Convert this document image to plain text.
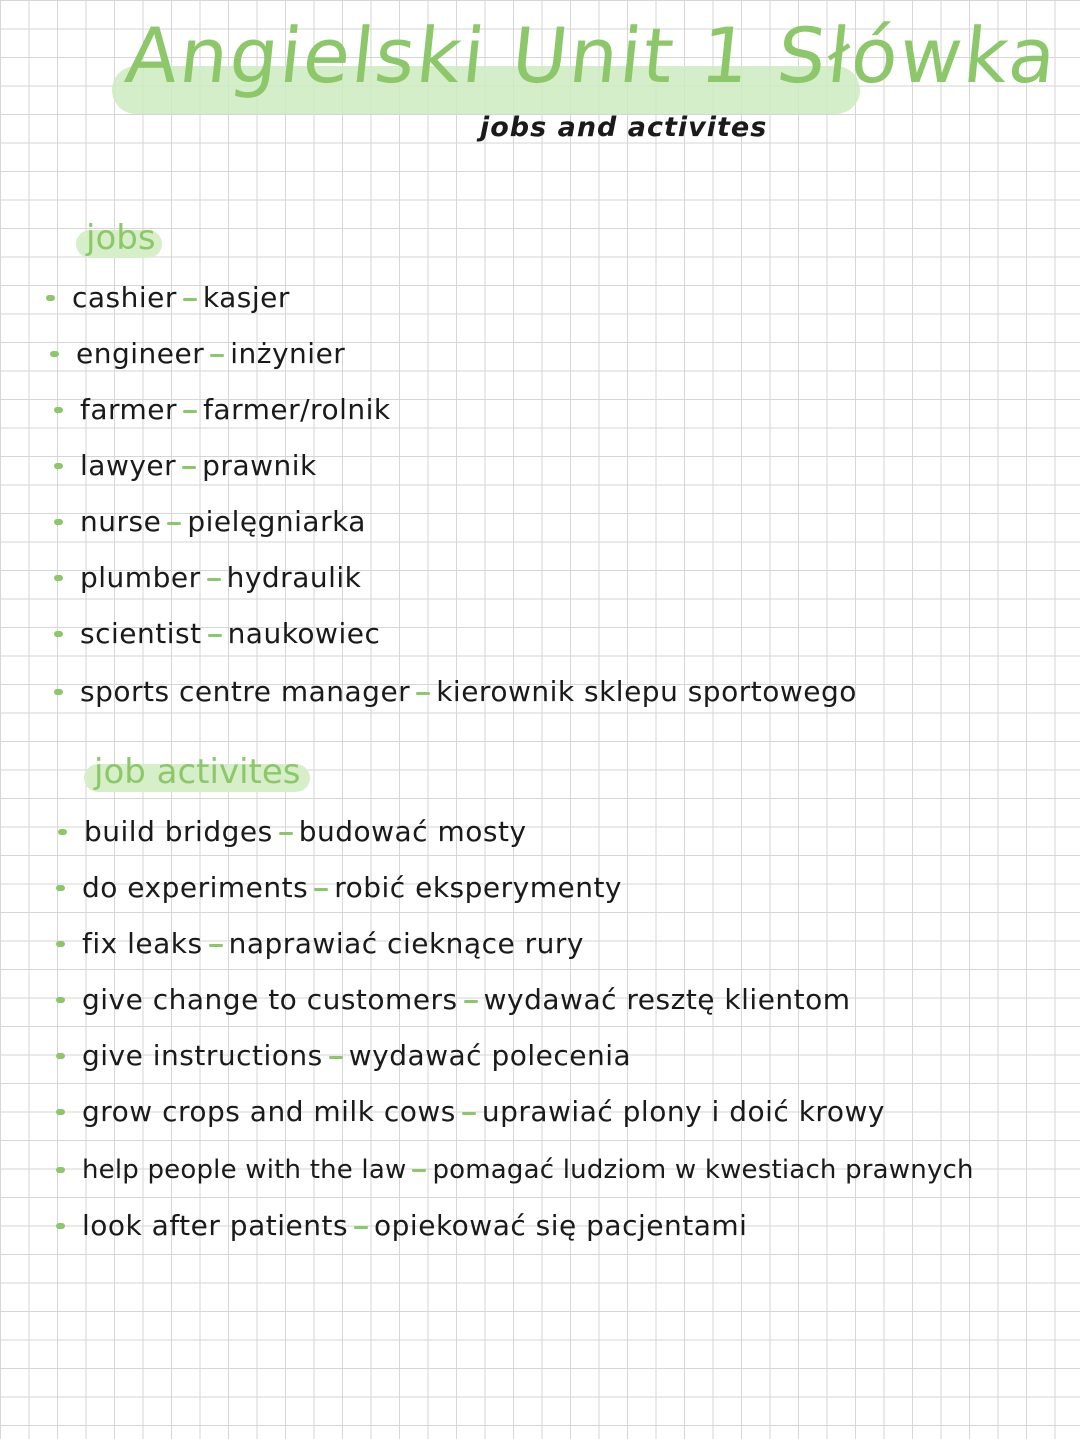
Angielski Unit 1 Słówka
jobs and activites
jobs
cashier kasjer
engineer inżynier
farmer farmer/rolnik
lawyer prawnik
nurse pielęgniarka
plumber hydraulik
scientist naukowiec
sports centre manager kierownik sklepu sportowego
job activites
build bridges budować mosty
do experiments robić eksperymenty
fix leaks naprawiać cieknące rury
give change to customers wydawać resztę klientom
give instructions wydawać polecenia
grow crops and milk cows uprawiać plony i doić krowy
help people with the law pomagać ludziom w kwestiach prawnych
look after patients opiekować się pacjentami
